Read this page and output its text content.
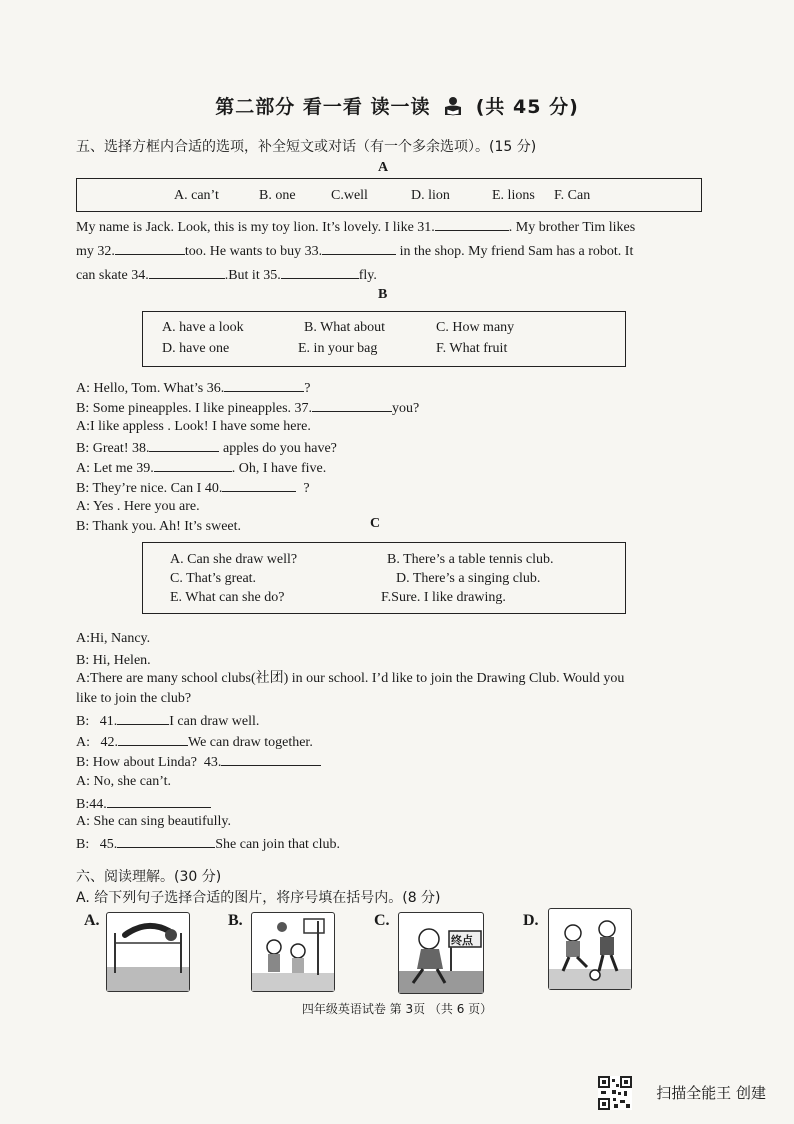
第二部分 看一看 读一读 (共 45 分)
五、选择方框内合适的选项，补全短文或对话（有一个多余选项）。(15 分)
A
A. can’t	B. one	C.well	D. lion	E. lions F. Can
My name is Jack. Look, this is my toy lion. It’s lovely. I like 31.	. My brother Tim likes
my 32.	too. He wants to buy 33.	in the shop. My friend Sam has a robot. It
can skate 34.	.But it 35.	fly.
B
A. have a look	B. What about	C. How many
D. have one	E. in your bag	F. What fruit
A: Hello, Tom. What’s 36.	?
B: Some pineapples. I like pineapples. 37.	you?
A:I like appless . Look! I have some here.
B: Great! 38.	apples do you have?
A: Let me 39.	. Oh, I have five.
B: They’re nice. Can I 40.	?
A: Yes . Here you are.
B: Thank you. Ah! It’s sweet.	C
A. Can she draw well?	B. There’s a table tennis club.
C. That’s great.	D. There’s a singing club.
E. What can she do?	F.Sure. I like drawing.
A:Hi, Nancy.
B: Hi, Helen.
A:There are many school clubs(社团) in our school. I’d like to join the Drawing Club. Would you
like to join the club?
B:   41.	I can draw well.
A:   42.	We can draw together.
B: How about Linda?  43.
A: No, she can’t.
B:44.
A: She can sing beautifully.
B:   45.	She can join that club.
六、阅读理解。(30 分)
A. 给下列句子选择合适的图片，将序号填在括号内。(8 分)
A.	B.	C.
终点
D.
四年级英语试卷 第 3页 （共 6 页）
扫描全能王 创建
